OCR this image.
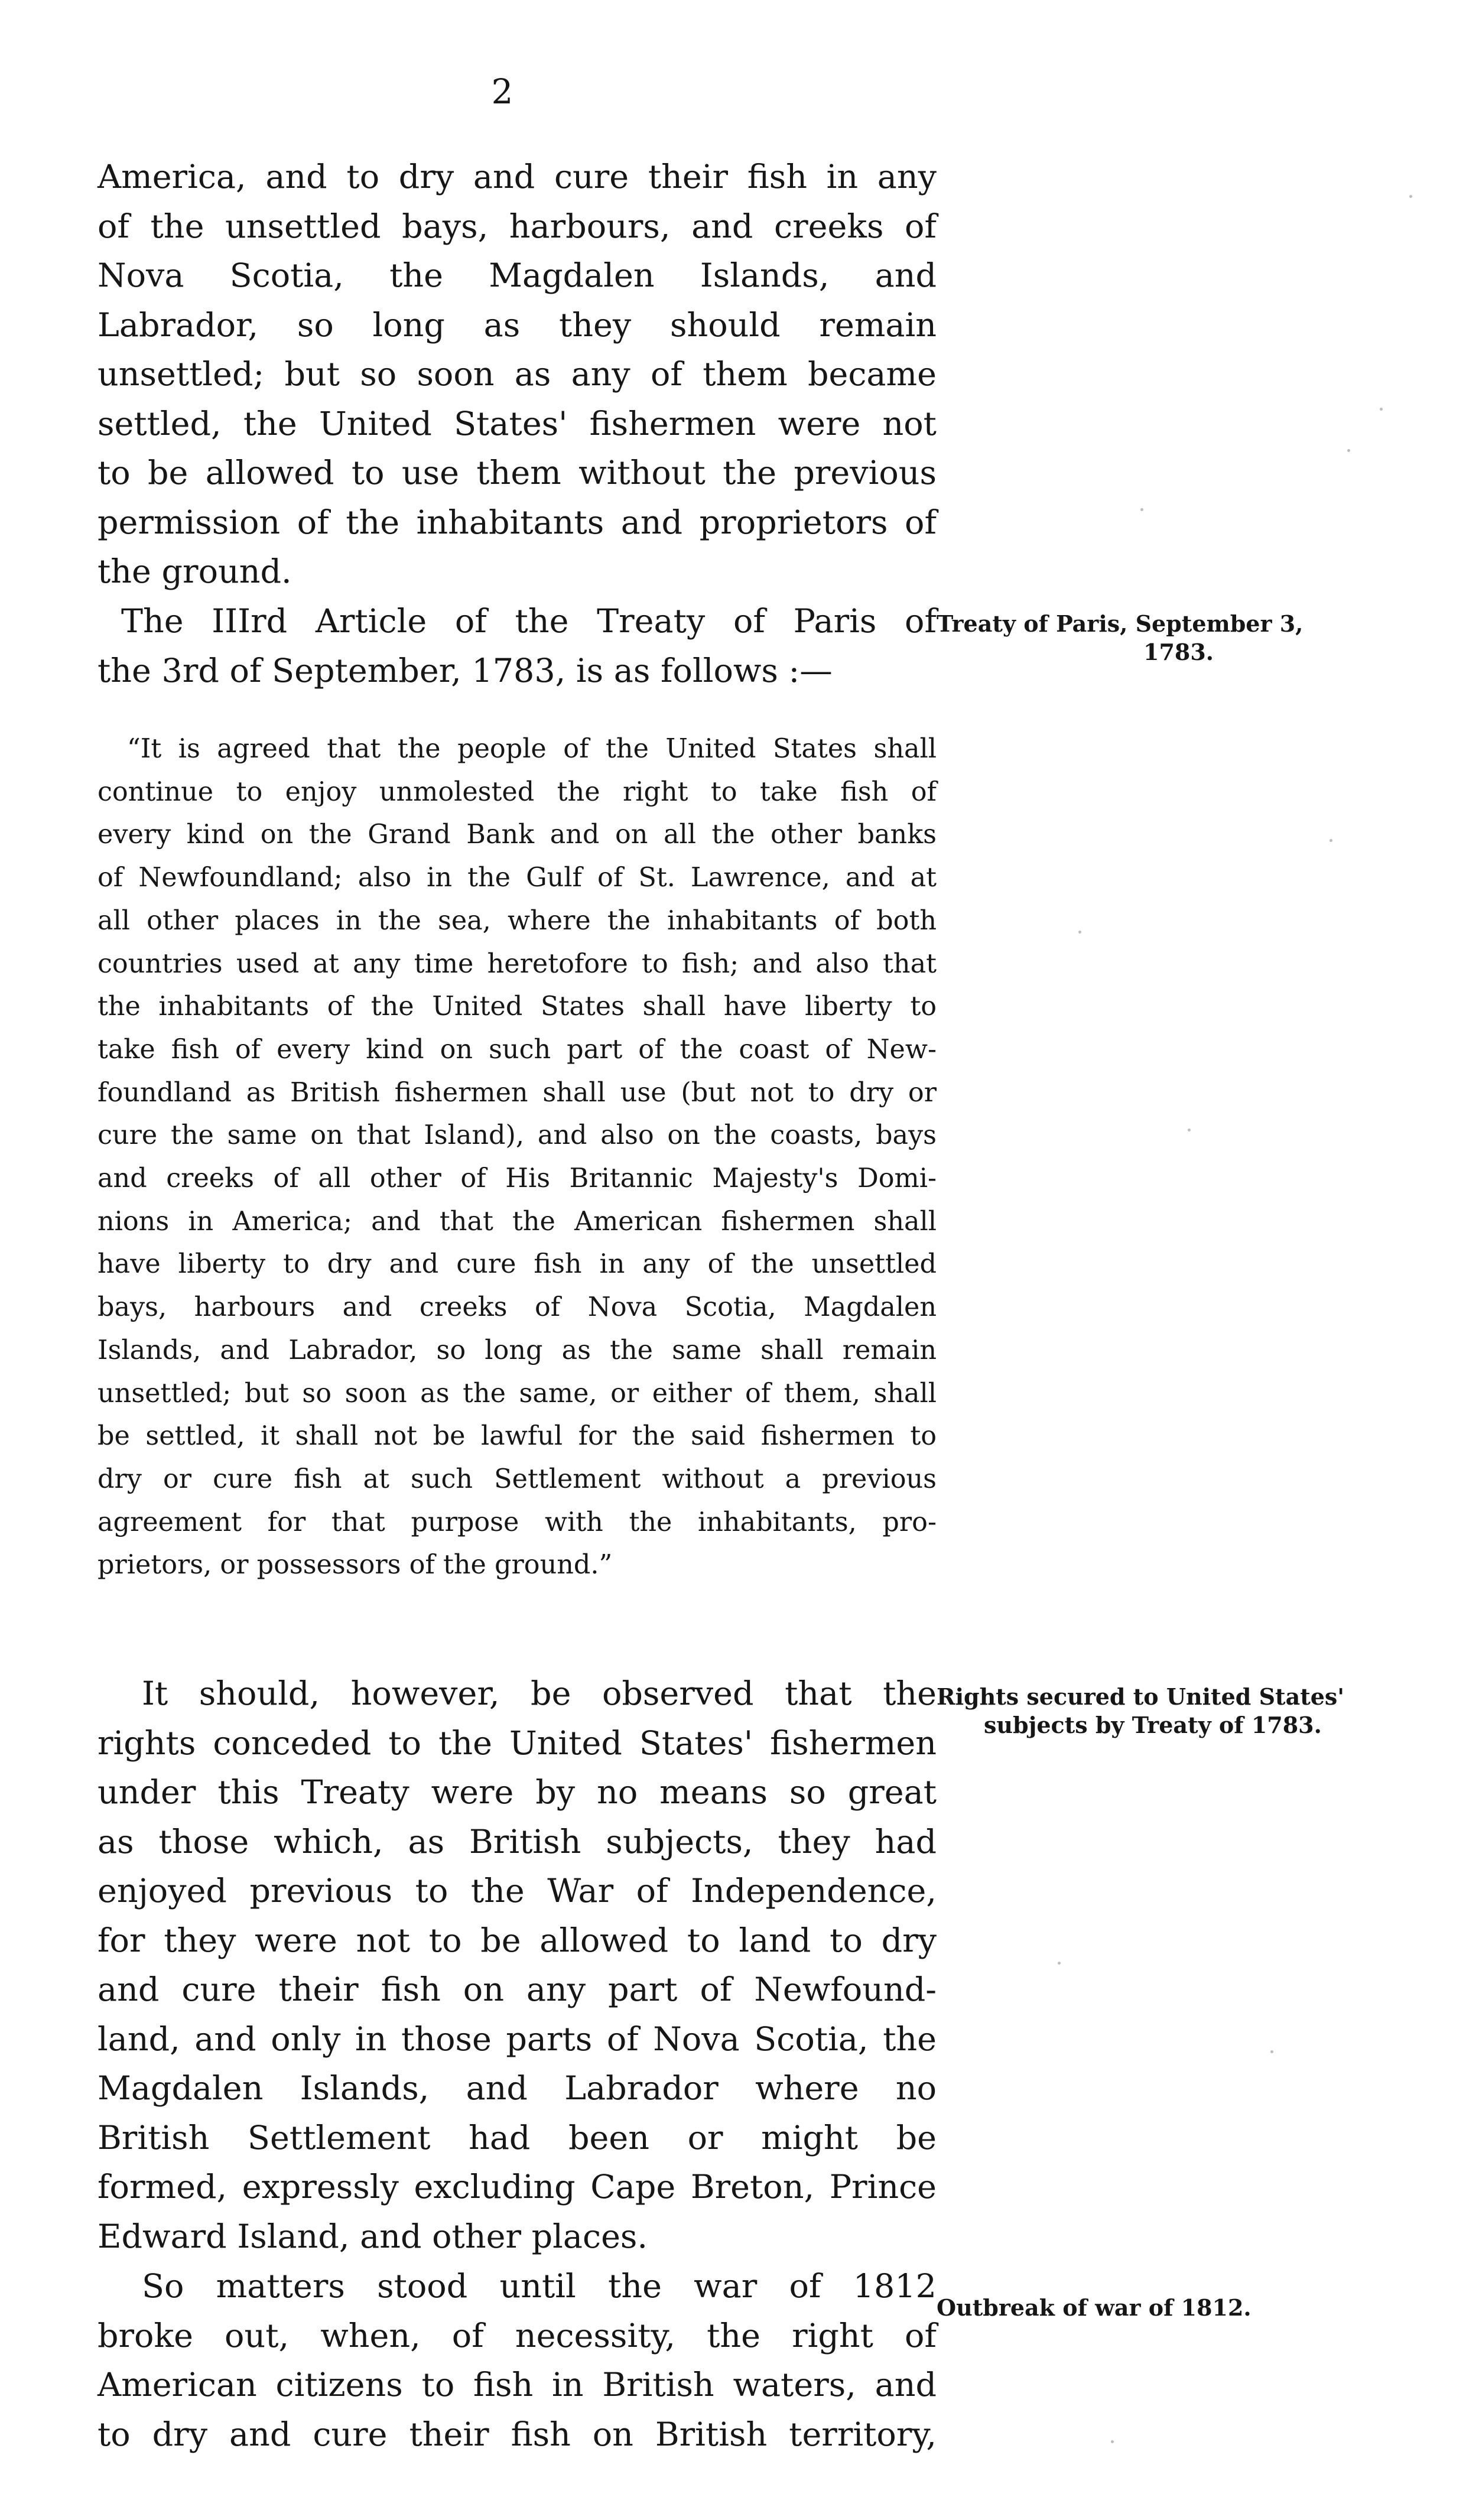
2
America, and to dry and cure their fish in any
of the unsettled bays, harbours, and creeks of
Nova Scotia, the Magdalen Islands, and
Labrador, so long as they should remain
unsettled; but so soon as any of them became
settled, the United States' fishermen were not
to be allowed to use them without the previous
permission of the inhabitants and proprietors of
the ground.
The IIIrd Article of the Treaty of Paris of
the 3rd of September, 1783, is as follows :—
Treaty of Paris, September 3,
1783.
“It is agreed that the people of the United States shall
continue to enjoy unmolested the right to take fish of
every kind on the Grand Bank and on all the other banks
of Newfoundland; also in the Gulf of St. Lawrence, and at
all other places in the sea, where the inhabitants of both
countries used at any time heretofore to fish; and also that
the inhabitants of the United States shall have liberty to
take fish of every kind on such part of the coast of New-
foundland as British fishermen shall use (but not to dry or
cure the same on that Island), and also on the coasts, bays
and creeks of all other of His Britannic Majesty's Domi-
nions in America; and that the American fishermen shall
have liberty to dry and cure fish in any of the unsettled
bays, harbours and creeks of Nova Scotia, Magdalen
Islands, and Labrador, so long as the same shall remain
unsettled; but so soon as the same, or either of them, shall
be settled, it shall not be lawful for the said fishermen to
dry or cure fish at such Settlement without a previous
agreement for that purpose with the inhabitants, pro-
prietors, or possessors of the ground.”
It should, however, be observed that the
rights conceded to the United States' fishermen
under this Treaty were by no means so great
as those which, as British subjects, they had
enjoyed previous to the War of Independence,
for they were not to be allowed to land to dry
and cure their fish on any part of Newfound-
land, and only in those parts of Nova Scotia, the
Magdalen Islands, and Labrador where no
British Settlement had been or might be
formed, expressly excluding Cape Breton, Prince
Edward Island, and other places.
Rights secured to United States'
subjects by Treaty of 1783.
So matters stood until the war of 1812
broke out, when, of necessity, the right of
American citizens to fish in British waters, and
to dry and cure their fish on British territory,
Outbreak of war of 1812.
